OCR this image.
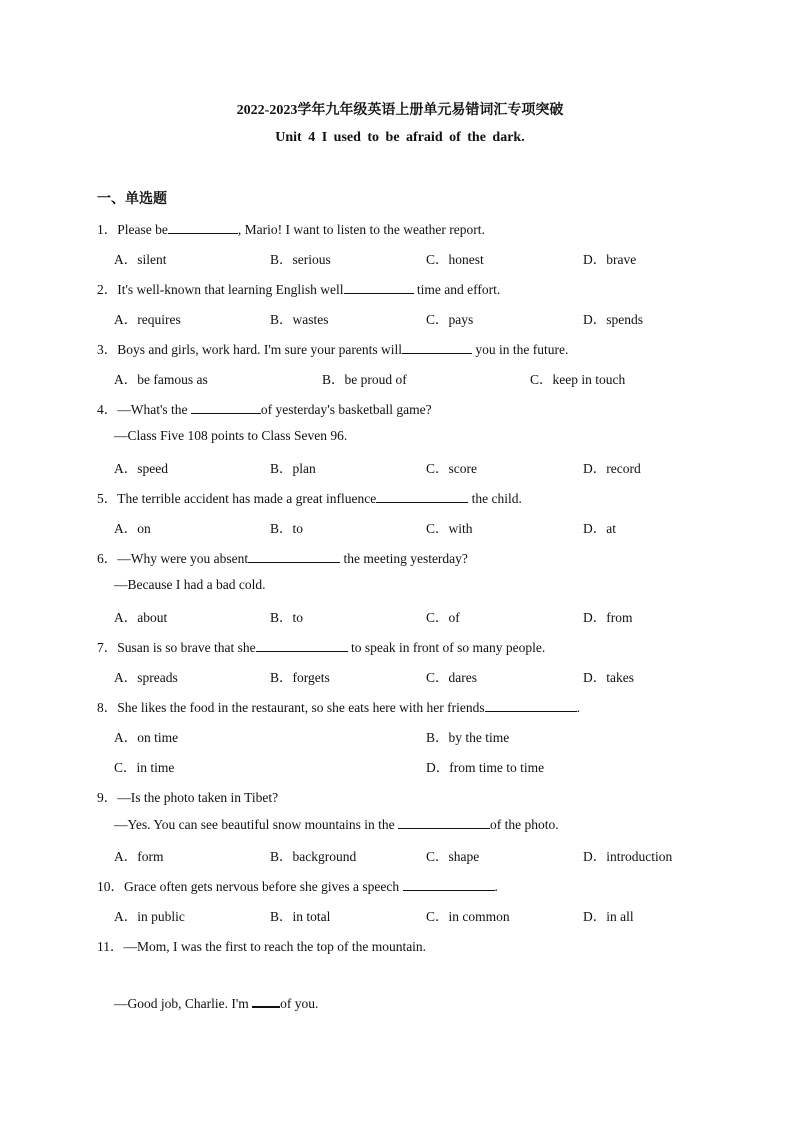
2022-2023学年九年级英语上册单元易错词汇专项突破
Unit 4 I used to be afraid of the dark.
一、单选题
1．Please be	, Mario! I want to listen to the weather report.
A．silent	B．serious	C．honest	D．brave
2．It's well-known that learning English well	time and effort.
A．requires	B．wastes	C．pays	D．spends
3．Boys and girls, work hard. I'm sure your parents will	you in the future.
A．be famous as	B．be proud of	C．keep in touch
4．—What's the	of yesterday's basketball game?
—Class Five 108 points to Class Seven 96.
A．speed	B．plan	C．score	D．record
5．The terrible accident has made a great influence	the child.
A．on	B．to	C．with	D．at
6．—Why were you absent	the meeting yesterday?
—Because I had a bad cold.
A．about	B．to	C．of	D．from
7．Susan is so brave that she	to speak in front of so many people.
A．spreads	B．forgets	C．dares	D．takes
8．She likes the food in the restaurant, so she eats here with her friends	.
A．on time	B．by the time
C．in time	D．from time to time
9．—Is the photo taken in Tibet?
—Yes. You can see beautiful snow mountains in the	of the photo.
A．form	B．background	C．shape	D．introduction
10．Grace often gets nervous before she gives a speech	.
A．in public	B．in total	C．in common	D．in all
11．—Mom, I was the first to reach the top of the mountain.
—Good job, Charlie. I'm of you.
